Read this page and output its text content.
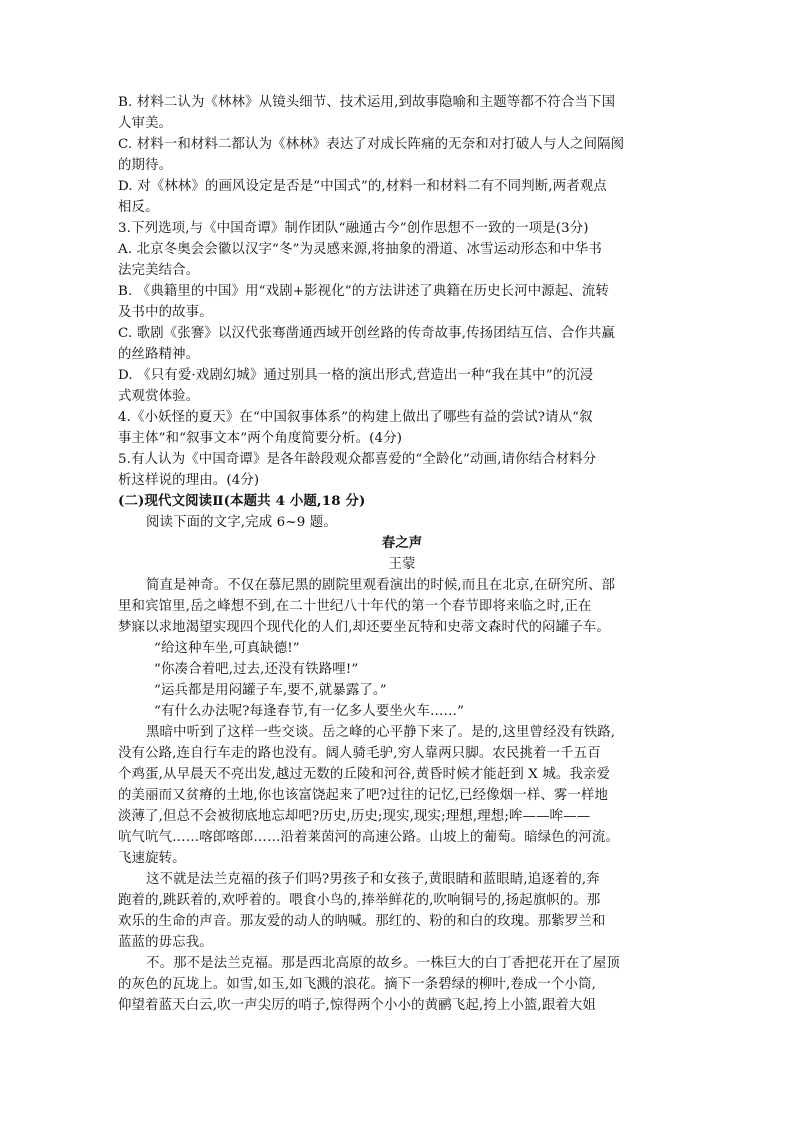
B. 材料二认为《林林》从镜头细节、技术运用,到故事隐喻和主题等都不符合当下国
人审美。
C. 材料一和材料二都认为《林林》表达了对成长阵痛的无奈和对打破人与人之间隔阂
的期待。
D. 对《林林》的画风设定是否是“中国式”的,材料一和材料二有不同判断,两者观点
相反。
3.下列选项,与《中国奇谭》制作团队“融通古今”创作思想不一致的一项是(3分)
A. 北京冬奥会会徽以汉字“冬”为灵感来源,将抽象的滑道、冰雪运动形态和中华书
法完美结合。
B. 《典籍里的中国》用“戏剧+影视化”的方法讲述了典籍在历史长河中源起、流转
及书中的故事。
C. 歌剧《张謇》以汉代张骞凿通西域开创丝路的传奇故事,传扬团结互信、合作共赢
的丝路精神。
D. 《只有爱·戏剧幻城》通过别具一格的演出形式,营造出一种“我在其中”的沉浸
式观赏体验。
4.《小妖怪的夏天》在“中国叙事体系”的构建上做出了哪些有益的尝试?请从“叙
事主体”和“叙事文本”两个角度简要分析。(4分)
5.有人认为《中国奇谭》是各年龄段观众都喜爱的“全龄化”动画,请你结合材料分
析这样说的理由。(4分)
(二)现代文阅读Ⅱ(本题共 4 小题,18 分)
阅读下面的文字,完成 6~9 题。
春之声
王蒙
简直是神奇。不仅在慕尼黑的剧院里观看演出的时候,而且在北京,在研究所、部
里和宾馆里,岳之峰想不到,在二十世纪八十年代的第一个春节即将来临之时,正在
梦寐以求地渴望实现四个现代化的人们,却还要坐瓦特和史蒂文森时代的闷罐子车。
“给这种车坐,可真缺德!”
“你凑合着吧,过去,还没有铁路哩!”
“运兵都是用闷罐子车,要不,就暴露了。”
“有什么办法呢?每逢春节,有一亿多人要坐火车……”
黑暗中听到了这样一些交谈。岳之峰的心平静下来了。是的,这里曾经没有铁路,
没有公路,连自行车走的路也没有。阔人骑毛驴,穷人靠两只脚。农民挑着一千五百
个鸡蛋,从早晨天不亮出发,越过无数的丘陵和河谷,黄昏时候才能赶到 X 城。我亲爱
的美丽而又贫瘠的土地,你也该富饶起来了吧?过往的记忆,已经像烟一样、雾一样地
淡薄了,但总不会被彻底地忘却吧?历史,历史;现实,现实;理想,理想;哞——哞——
吭气吭气……喀郎喀郎……沿着莱茵河的高速公路。山坡上的葡萄。暗绿色的河流。
飞速旋转。
这不就是法兰克福的孩子们吗?男孩子和女孩子,黄眼睛和蓝眼睛,追逐着的,奔
跑着的,跳跃着的,欢呼着的。喂食小鸟的,捧举鲜花的,吹响铜号的,扬起旗帜的。那
欢乐的生命的声音。那友爱的动人的呐喊。那红的、粉的和白的玫瑰。那紫罗兰和
蓝蓝的毋忘我。
不。那不是法兰克福。那是西北高原的故乡。一株巨大的白丁香把花开在了屋顶
的灰色的瓦垅上。如雪,如玉,如飞溅的浪花。摘下一条碧绿的柳叶,卷成一个小筒,
仰望着蓝天白云,吹一声尖厉的哨子,惊得两个小小的黄鹂飞起,挎上小篮,跟着大姐
